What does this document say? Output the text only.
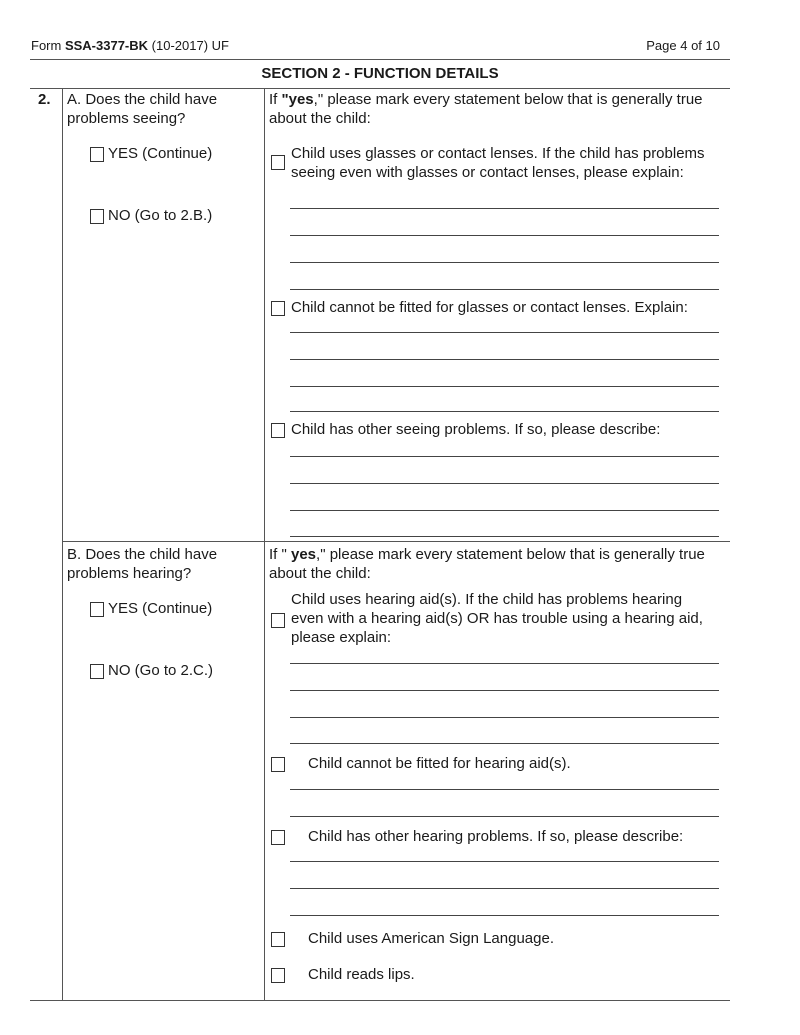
Form SSA-3377-BK (10-2017) UF	Page 4 of 10
SECTION 2 - FUNCTION DETAILS
2. A. Does the child have
problems seeing?
YES (Continue)
NO (Go to 2.B.)
If "yes," please mark every statement below that is generally true
about the child:
Child uses glasses or contact lenses. If the child has problems
seeing even with glasses or contact lenses, please explain:
Child cannot be fitted for glasses or contact lenses. Explain:
Child has other seeing problems. If so, please describe:
B. Does the child have
problems hearing?
YES (Continue)
NO (Go to 2.C.)
If " yes," please mark every statement below that is generally true
about the child:
Child uses hearing aid(s). If the child has problems hearing
even with a hearing aid(s) OR has trouble using a hearing aid,
please explain:
Child cannot be fitted for hearing aid(s).
Child has other hearing problems. If so, please describe:
Child uses American Sign Language.
Child reads lips.
